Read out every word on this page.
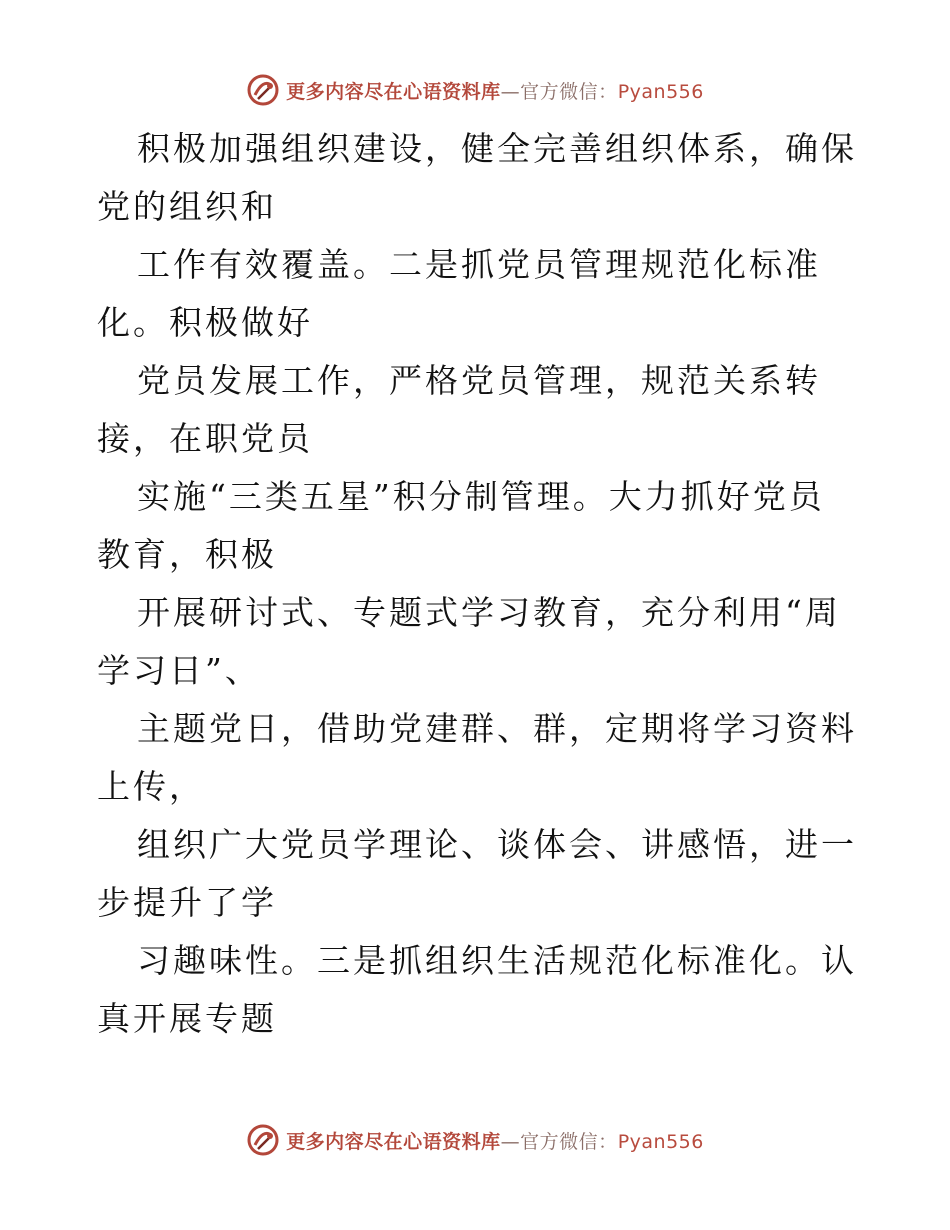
更多内容尽在心语资料库—官方微信：Pyan556

积极加强组织建设，健全完善组织体系，确保党的组织和

工作有效覆盖。二是抓党员管理规范化标准化。积极做好

党员发展工作，严格党员管理，规范关系转接，在职党员

实施“三类五星”积分制管理。大力抓好党员教育，积极

开展研讨式、专题式学习教育，充分利用“周学习日”、

主题党日，借助党建群、群，定期将学习资料上传，

组织广大党员学理论、谈体会、讲感悟，进一步提升了学

习趣味性。三是抓组织生活规范化标准化。认真开展专题

更多内容尽在心语资料库—官方微信：Pyan556
